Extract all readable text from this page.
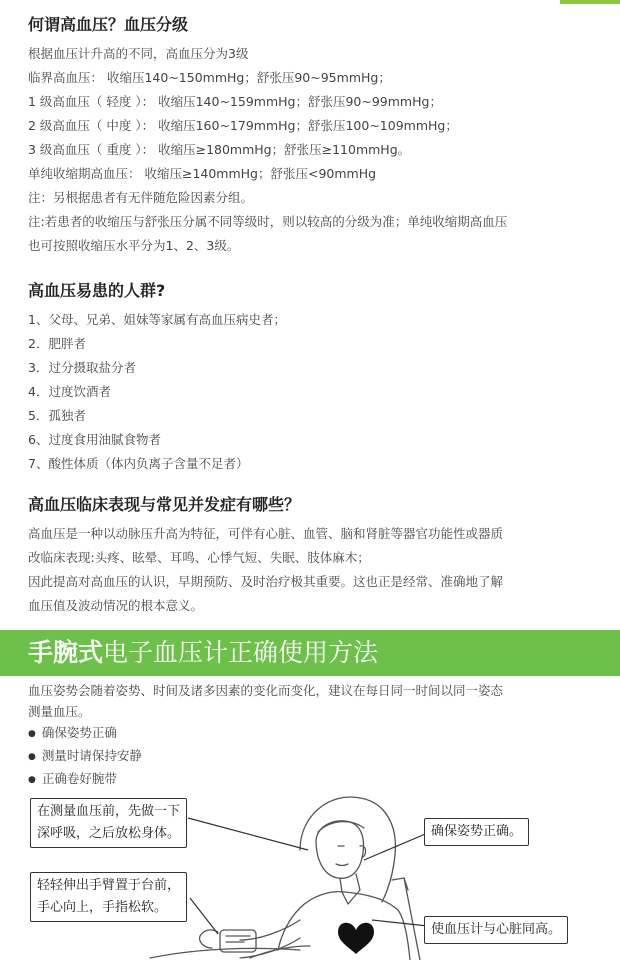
何谓高血压？血压分级
根据血压计升高的不同，高血压分为3级
临界高血压： 收缩压140~150mmHg；舒张压90~95mmHg；
1 级高血压（ 轻度 ）： 收缩压140~159mmHg；舒张压90~99mmHg；
2 级高血压（ 中度 ）： 收缩压160~179mmHg；舒张压100~109mmHg；
3 级高血压（ 重度 ）： 收缩压≥180mmHg；舒张压≥110mmHg。
单纯收缩期高血压： 收缩压≥140mmHg；舒张压<90mmHg
注：另根据患者有无伴随危险因素分组。
注:若患者的收缩压与舒张压分属不同等级时，则以较高的分级为准；单纯收缩期高血压
也可按照收缩压水平分为1、2、3级。
高血压易患的人群?
1、父母、兄弟、姐妹等家属有高血压病史者；
2．肥胖者
3．过分摄取盐分者
4．过度饮酒者
5．孤独者
6、过度食用油腻食物者
7、酸性体质（体内负离子含量不足者）
高血压临床表现与常见并发症有哪些？
高血压是一种以动脉压升高为特征，可伴有心脏、血管、脑和肾脏等器官功能性或器质
改临床表现:头疼、眩晕、耳鸣、心悸气短、失眠、肢体麻木；
因此提高对高血压的认识，早期预防、及时治疗极其重要。这也正是经常、准确地了解
血压值及波动情况的根本意义。
手腕式电子血压计正确使用方法
血压姿势会随着姿势、时间及诸多因素的变化而变化，建议在每日同一时间以同一姿态
测量血压。
● 确保姿势正确
● 测量时请保持安静
● 正确卷好腕带
在测量血压前，先做一下
深呼吸，之后放松身体。	确保姿势正确。
轻轻伸出手臂置于台前，
手心向上，手指松软。
使血压计与心脏同高。
